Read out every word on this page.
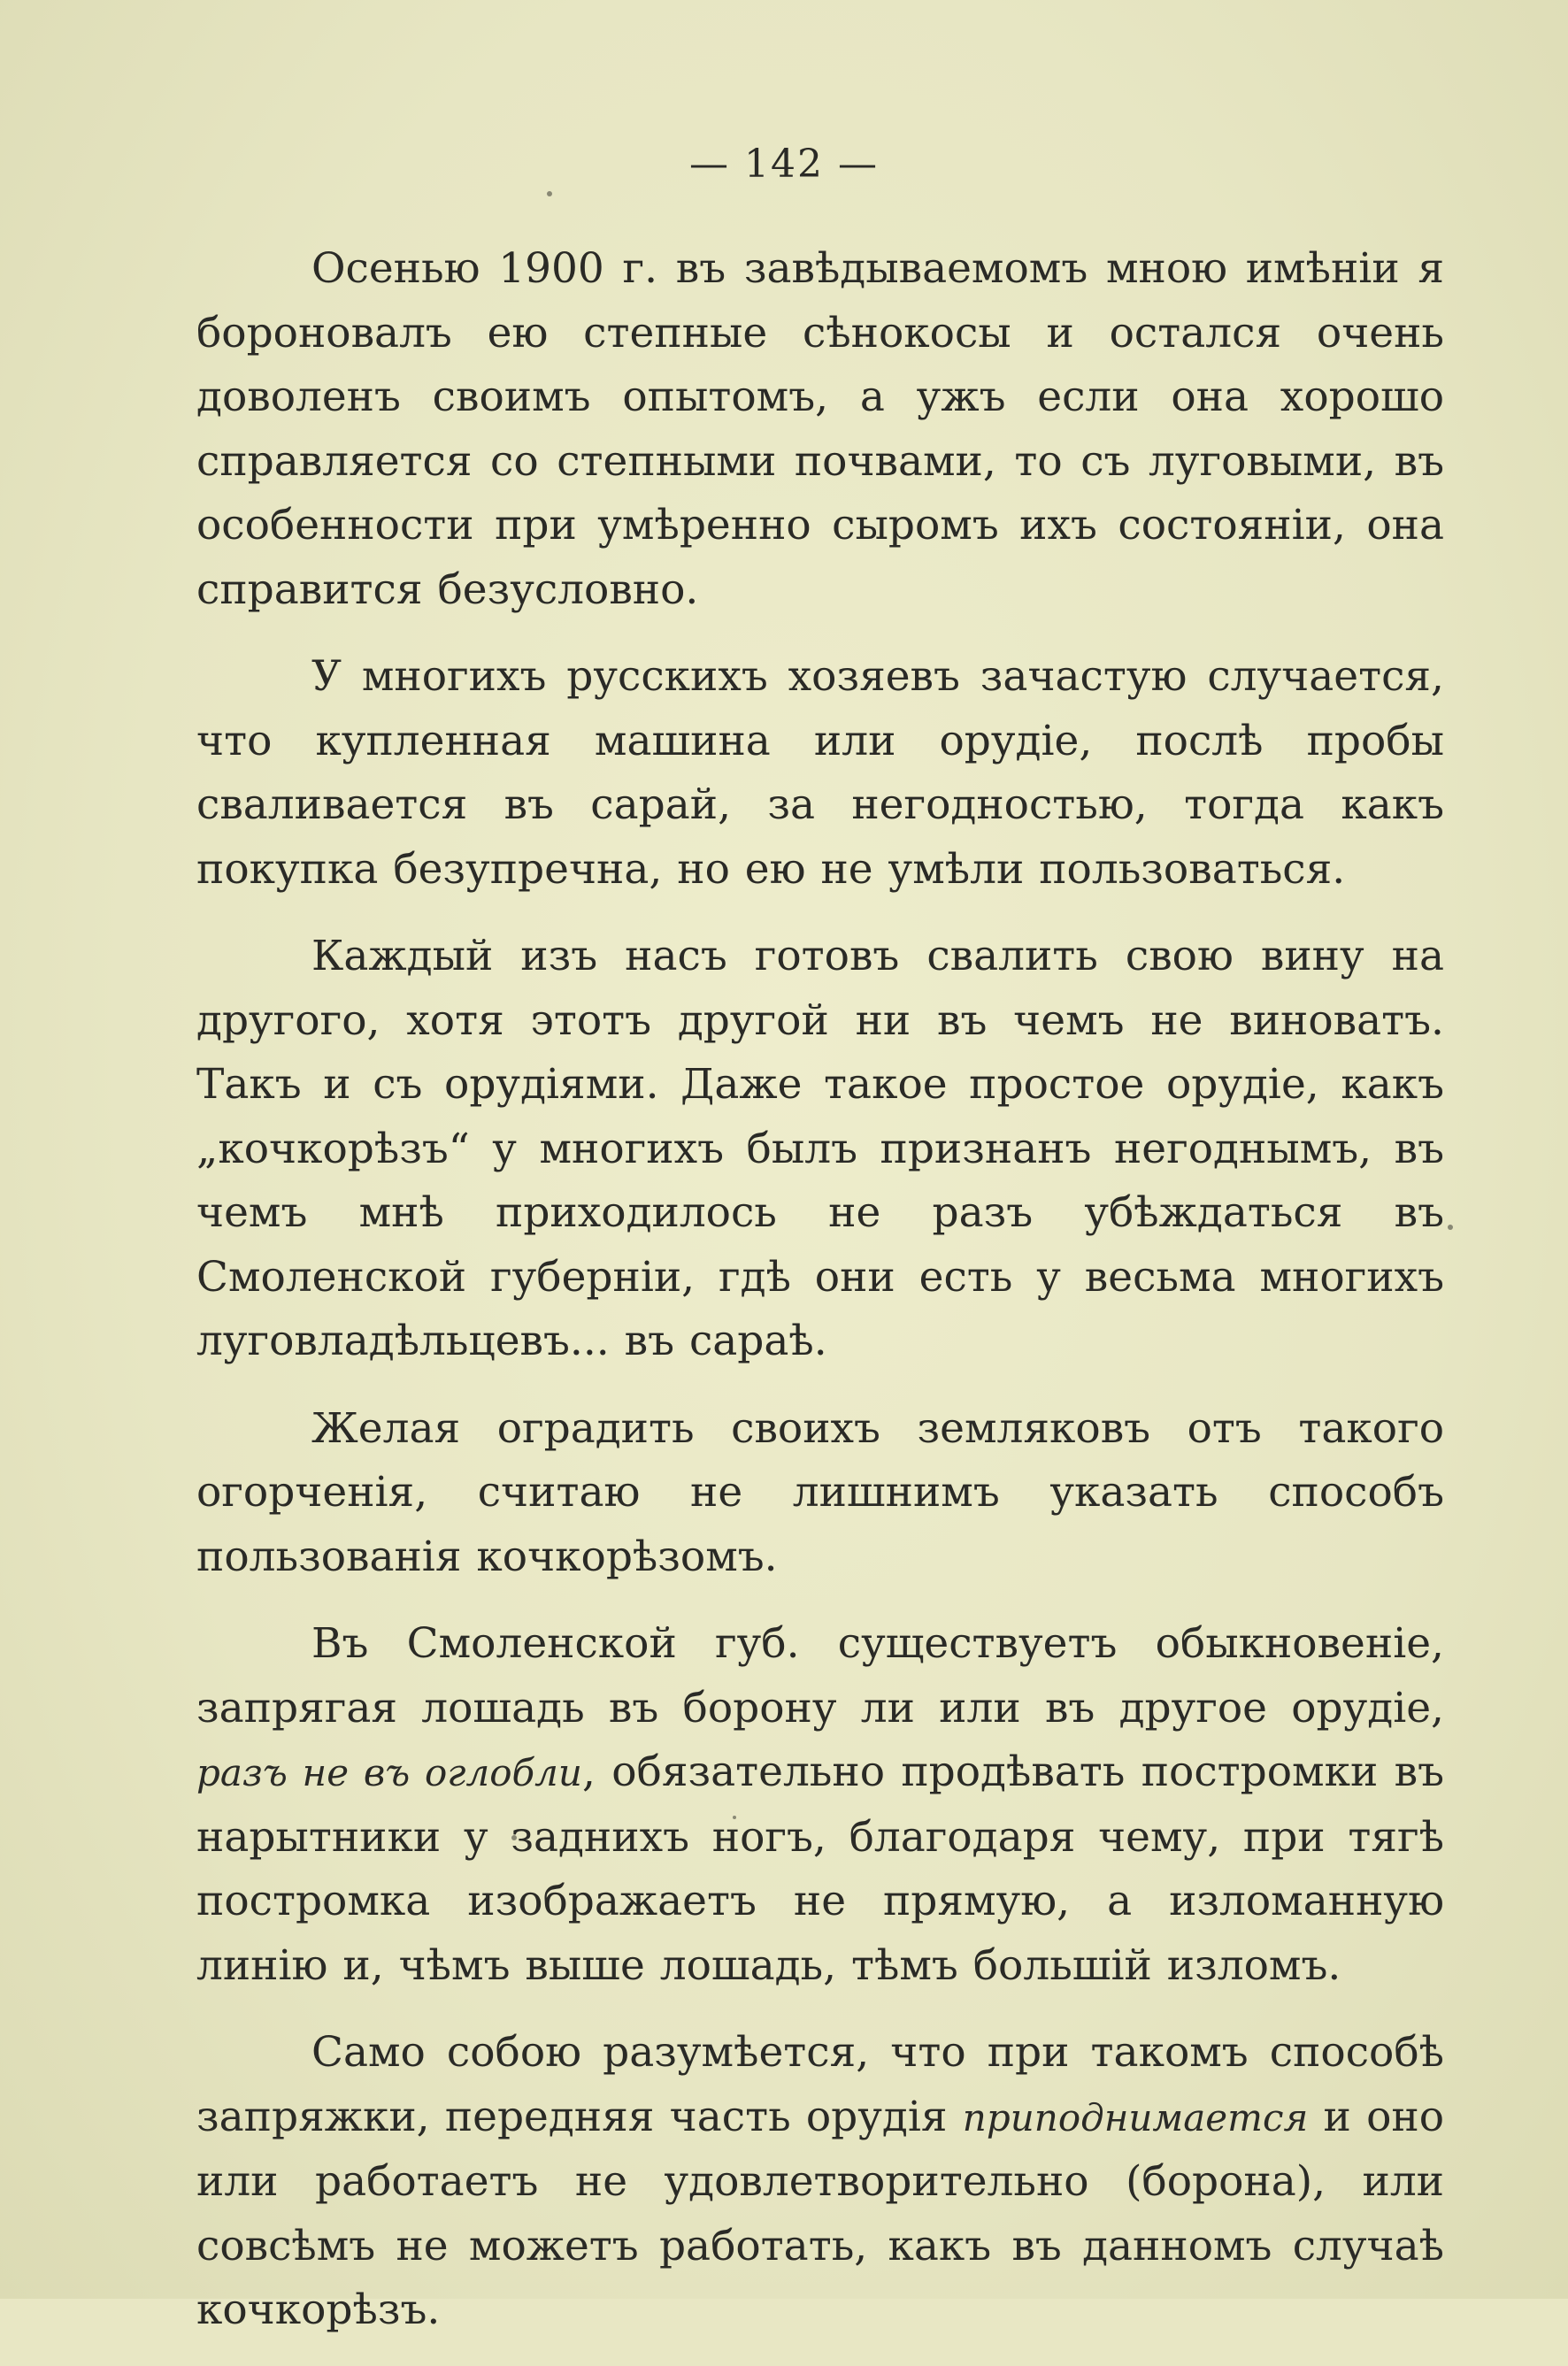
— 142 —

Осенью 1900 г. въ завѣдываемомъ мною имѣніи я бороновалъ ею степные сѣнокосы и остался очень доволенъ своимъ опытомъ, а ужъ если она хорошо справляется со степными почвами, то съ луговыми, въ особенности при умѣренно сыромъ ихъ состояніи, она справится безусловно.

У многихъ русскихъ хозяевъ зачастую случается, что купленная машина или орудіе, послѣ пробы сваливается въ сарай, за негодностью, тогда какъ покупка безупречна, но ею не умѣли пользоваться.

Каждый изъ насъ готовъ свалить свою вину на другого, хотя этотъ другой ни въ чемъ не виноватъ. Такъ и съ орудіями. Даже такое простое орудіе, какъ „кочкорѣзъ“ у многихъ былъ признанъ негоднымъ, въ чемъ мнѣ приходилось не разъ убѣждаться въ Смоленской губерніи, гдѣ они есть у весьма многихъ луговладѣльцевъ... въ сараѣ.

Желая оградить своихъ земляковъ отъ такого огорченія, считаю не лишнимъ указать способъ пользованія кочкорѣзомъ.

Въ Смоленской губ. существуетъ обыкновеніе, запрягая лошадь въ борону ли или въ другое орудіе, разъ не въ оглобли, обязательно продѣвать постромки въ нарытники у заднихъ ногъ, благодаря чему, при тягѣ постромка изображаетъ не прямую, а изломанную линію и, чѣмъ выше лошадь, тѣмъ большій изломъ.

Само собою разумѣется, что при такомъ способѣ запряжки, передняя часть орудія приподнимается и оно или работаетъ не удовлетворительно (борона), или совсѣмъ не можетъ работать, какъ въ данномъ случаѣ кочкорѣзъ.
